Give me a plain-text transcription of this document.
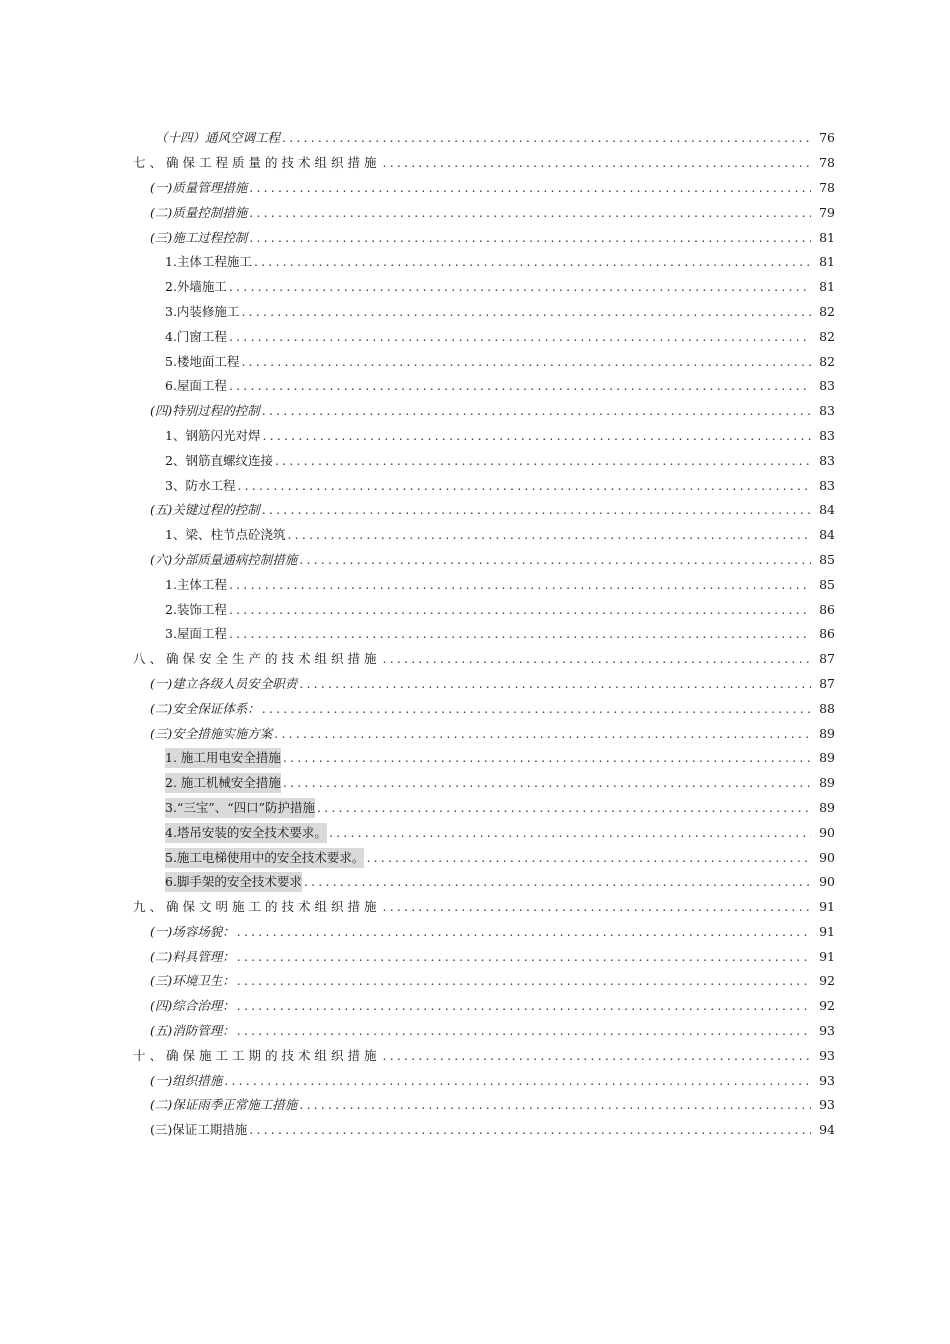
（十四）通风空调工程 .....	76
七、确保工程质量的技术组织措施 .....	78
(一)质量管理措施 .....	78
(二)质量控制措施 .....	79
(三)施工过程控制 .....	81
1.主体工程施工 .....	81
2.外墙施工 .....	81
3.内装修施工 .....	82
4.门窗工程 .....	82
5.楼地面工程 .....	82
6.屋面工程 .....	83
(四)特别过程的控制 .....	83
1、钢筋闪光对焊 .....	83
2、钢筋直螺纹连接 .....	83
3、防水工程 .....	83
(五)关键过程的控制 .....	84
1、梁、柱节点砼浇筑 .....	84
(六)分部质量通病控制措施 .....	85
1.主体工程 .....	85
2.装饰工程 .....	86
3.屋面工程 .....	86
八、确保安全生产的技术组织措施 .....	87
(一)建立各级人员安全职责 .....	87
(二)安全保证体系： .....	88
(三)安全措施实施方案 .....	89
1. 施工用电安全措施 .....	89
2. 施工机械安全措施 .....	89
3.“三宝”、“四口”防护措施 .....	89
4.塔吊安装的安全技术要求。 .....	90
5.施工电梯使用中的安全技术要求。 .....	90
6.脚手架的安全技术要求 .....	90
九、确保文明施工的技术组织措施 .....	91
(一)场容场貌： .....	91
(二)料具管理： .....	91
(三)环境卫生： .....	92
(四)综合治理： .....	92
(五)消防管理： .....	93
十、确保施工工期的技术组织措施 .....	93
(一)组织措施 .....	93
(二)保证雨季正常施工措施 .....	93
(三)保证工期措施 .....	94
